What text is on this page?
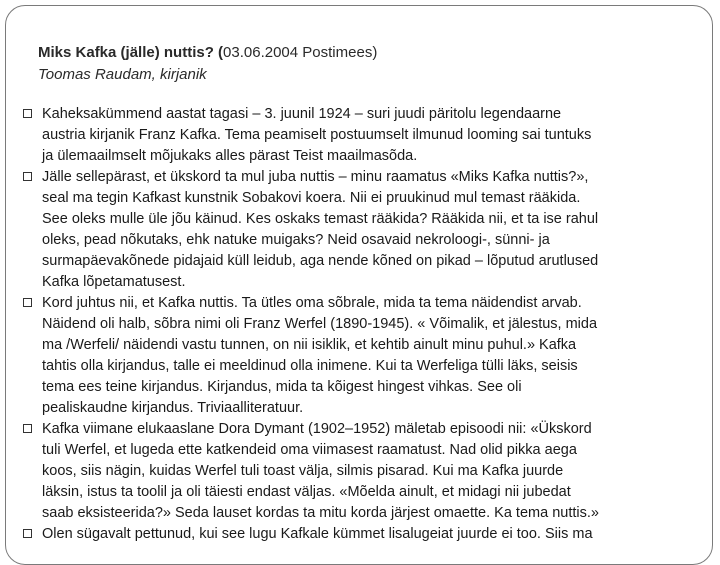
Miks Kafka (jälle) nuttis? (03.06.2004 Postimees)
Toomas Raudam, kirjanik
Kaheksakümmend aastat tagasi – 3. juunil 1924 – suri juudi päritolu legendaarne
austria kirjanik Franz Kafka. Tema peamiselt postuumselt ilmunud looming sai tuntuks
ja ülemaailmselt mõjukaks alles pärast Teist maailmasõda.
Jälle sellepärast, et ükskord ta mul juba nuttis – minu raamatus «Miks Kafka nuttis?»,
seal ma tegin Kafkast kunstnik Sobakovi koera. Nii ei pruukinud mul temast rääkida.
See oleks mulle üle jõu käinud. Kes oskaks temast rääkida? Rääkida nii, et ta ise rahul
oleks, pead nõkutaks, ehk natuke muigaks? Neid osavaid nekroloogi-, sünni- ja
surmapäevakõnede pidajaid küll leidub, aga nende kõned on pikad – lõputud arutlused
Kafka lõpetamatusest.
Kord juhtus nii, et Kafka nuttis. Ta ütles oma sõbrale, mida ta tema näidendist arvab.
Näidend oli halb, sõbra nimi oli Franz Werfel (1890-1945). « Võimalik, et jälestus, mida
ma /Werfeli/ näidendi vastu tunnen, on nii isiklik, et kehtib ainult minu puhul.» Kafka
tahtis olla kirjandus, talle ei meeldinud olla inimene. Kui ta Werfeliga tülli läks, seisis
tema ees teine kirjandus. Kirjandus, mida ta kõigest hingest vihkas. See oli
pealiskaudne kirjandus. Triviaalliteratuur.
Kafka viimane elukaaslane Dora Dymant (1902–1952) mäletab episoodi nii: «Ükskord
tuli Werfel, et lugeda ette katkendeid oma viimasest raamatust. Nad olid pikka aega
koos, siis nägin, kuidas Werfel tuli toast välja, silmis pisarad. Kui ma Kafka juurde
läksin, istus ta toolil ja oli täiesti endast väljas. «Mõelda ainult, et midagi nii jubedat
saab eksisteerida?» Seda lauset kordas ta mitu korda järjest omaette. Ka tema nuttis.»
Olen sügavalt pettunud, kui see lugu Kafkale kümmet lisalugeiat juurde ei too. Siis ma
